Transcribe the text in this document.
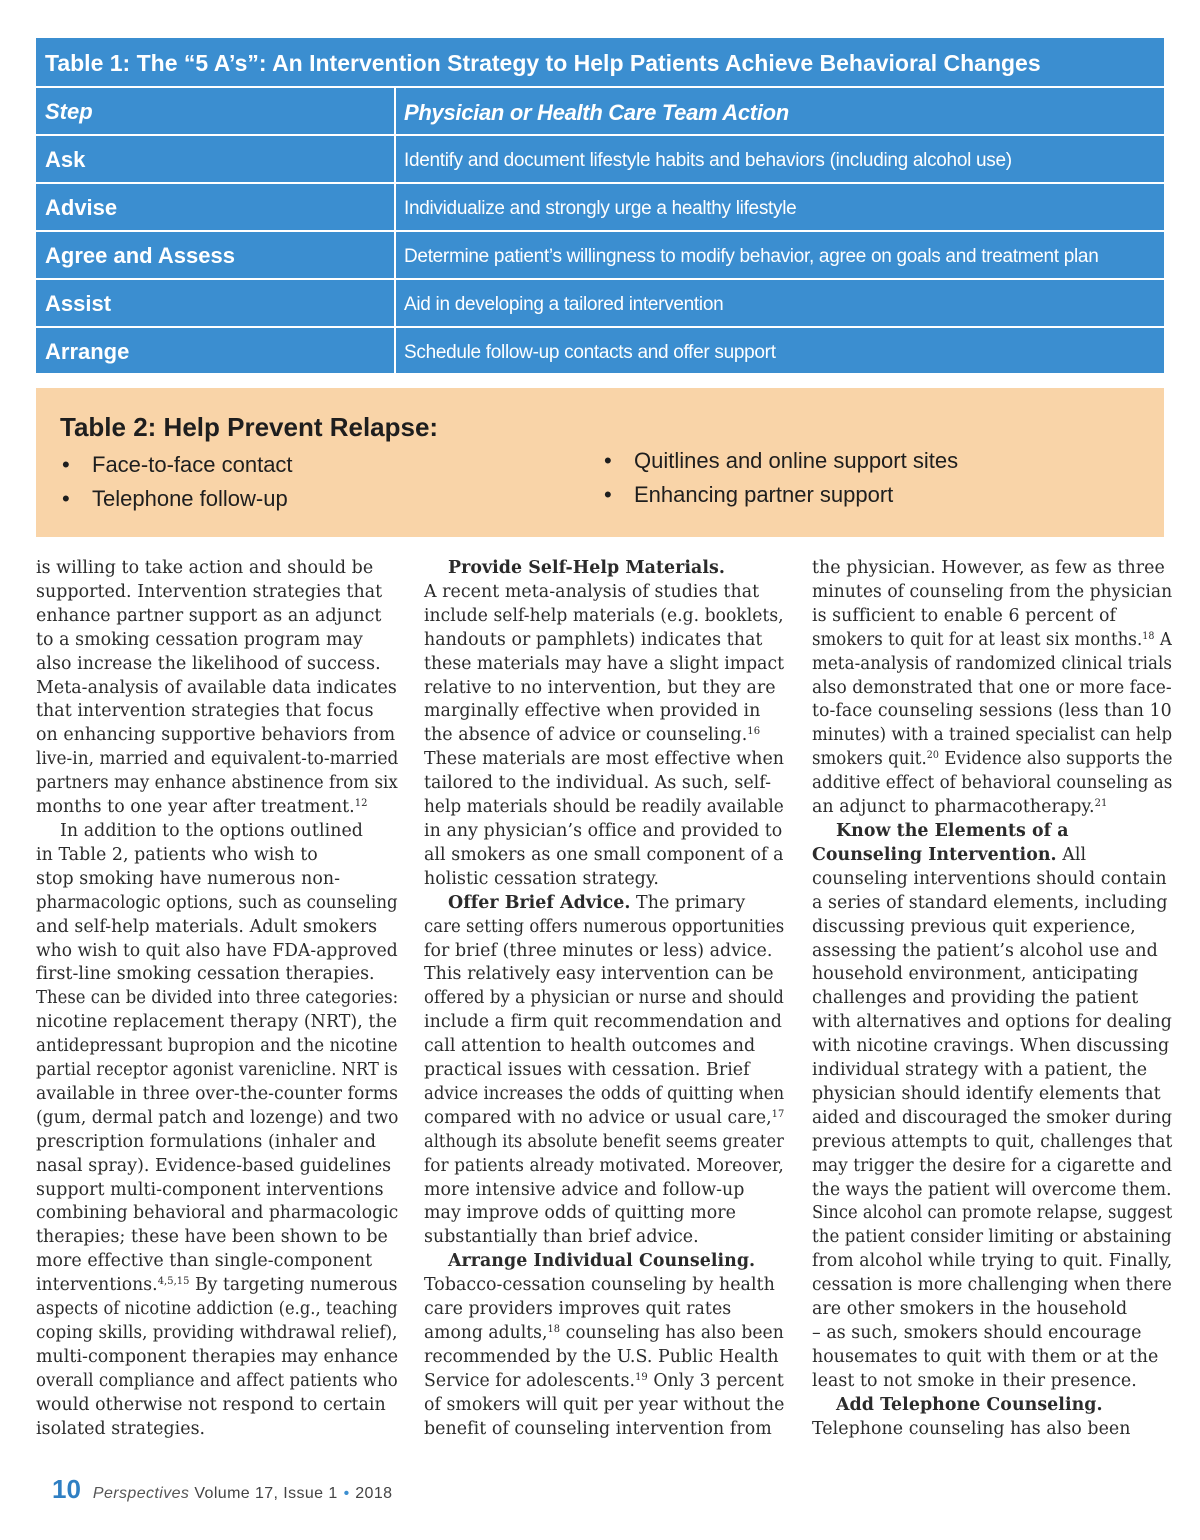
Table 1: The “5 A’s”: An Intervention Strategy to Help Patients Achieve Behavioral Changes
Step	Physician or Health Care Team Action
Ask	Identify and document lifestyle habits and behaviors (including alcohol use)
Advise	Individualize and strongly urge a healthy lifestyle
Agree and Assess	Determine patient’s willingness to modify behavior, agree on goals and treatment plan
Assist	Aid in developing a tailored intervention
Arrange	Schedule follow-up contacts and offer support
Table 2: Help Prevent Relapse:
• Face-to-face contact
• Telephone follow-up
• Quitlines and online support sites
• Enhancing partner support
is willing to take action and should be
supported. Intervention strategies that
enhance partner support as an adjunct
to a smoking cessation program may
also increase the likelihood of success.
Meta-analysis of available data indicates
that intervention strategies that focus
on enhancing supportive behaviors from
live-in, married and equivalent-to-married
partners may enhance abstinence from six
months to one year after treatment.$^{12}$
In addition to the options outlined
in Table 2, patients who wish to
stop smoking have numerous non-
pharmacologic options, such as counseling
and self-help materials. Adult smokers
who wish to quit also have FDA-approved
first-line smoking cessation therapies.
These can be divided into three categories:
nicotine replacement therapy (NRT), the
antidepressant bupropion and the nicotine
partial receptor agonist varenicline. NRT is
available in three over-the-counter forms
(gum, dermal patch and lozenge) and two
prescription formulations (inhaler and
nasal spray). Evidence-based guidelines
support multi-component interventions
combining behavioral and pharmacologic
therapies; these have been shown to be
more effective than single-component
interventions.$^{4,5,15}$ By targeting numerous
aspects of nicotine addiction (e.g., teaching
coping skills, providing withdrawal relief),
multi-component therapies may enhance
overall compliance and affect patients who
would otherwise not respond to certain
isolated strategies.
Provide Self-Help Materials.
A recent meta-analysis of studies that
include self-help materials (e.g. booklets,
handouts or pamphlets) indicates that
these materials may have a slight impact
relative to no intervention, but they are
marginally effective when provided in
the absence of advice or counseling.$^{16}$
These materials are most effective when
tailored to the individual. As such, self-
help materials should be readily available
in any physician’s office and provided to
all smokers as one small component of a
holistic cessation strategy.
Offer Brief Advice. The primary
care setting offers numerous opportunities
for brief (three minutes or less) advice.
This relatively easy intervention can be
offered by a physician or nurse and should
include a firm quit recommendation and
call attention to health outcomes and
practical issues with cessation. Brief
advice increases the odds of quitting when
compared with no advice or usual care,$^{17}$
although its absolute benefit seems greater
for patients already motivated. Moreover,
more intensive advice and follow-up
may improve odds of quitting more
substantially than brief advice.
Arrange Individual Counseling.
Tobacco-cessation counseling by health
care providers improves quit rates
among adults,$^{18}$ counseling has also been
recommended by the U.S. Public Health
Service for adolescents.$^{19}$ Only 3 percent
of smokers will quit per year without the
benefit of counseling intervention from
the physician. However, as few as three
minutes of counseling from the physician
is sufficient to enable 6 percent of
smokers to quit for at least six months.$^{18}$ A
meta-analysis of randomized clinical trials
also demonstrated that one or more face-
to-face counseling sessions (less than 10
minutes) with a trained specialist can help
smokers quit.$^{20}$ Evidence also supports the
additive effect of behavioral counseling as
an adjunct to pharmacotherapy.$^{21}$
Know the Elements of a
Counseling Intervention. All
counseling interventions should contain
a series of standard elements, including
discussing previous quit experience,
assessing the patient’s alcohol use and
household environment, anticipating
challenges and providing the patient
with alternatives and options for dealing
with nicotine cravings. When discussing
individual strategy with a patient, the
physician should identify elements that
aided and discouraged the smoker during
previous attempts to quit, challenges that
may trigger the desire for a cigarette and
the ways the patient will overcome them.
Since alcohol can promote relapse, suggest
the patient consider limiting or abstaining
from alcohol while trying to quit. Finally,
cessation is more challenging when there
are other smokers in the household
– as such, smokers should encourage
housemates to quit with them or at the
least to not smoke in their presence.
Add Telephone Counseling.
Telephone counseling has also been
10 Perspectives Volume 17, Issue 1 • 2018
